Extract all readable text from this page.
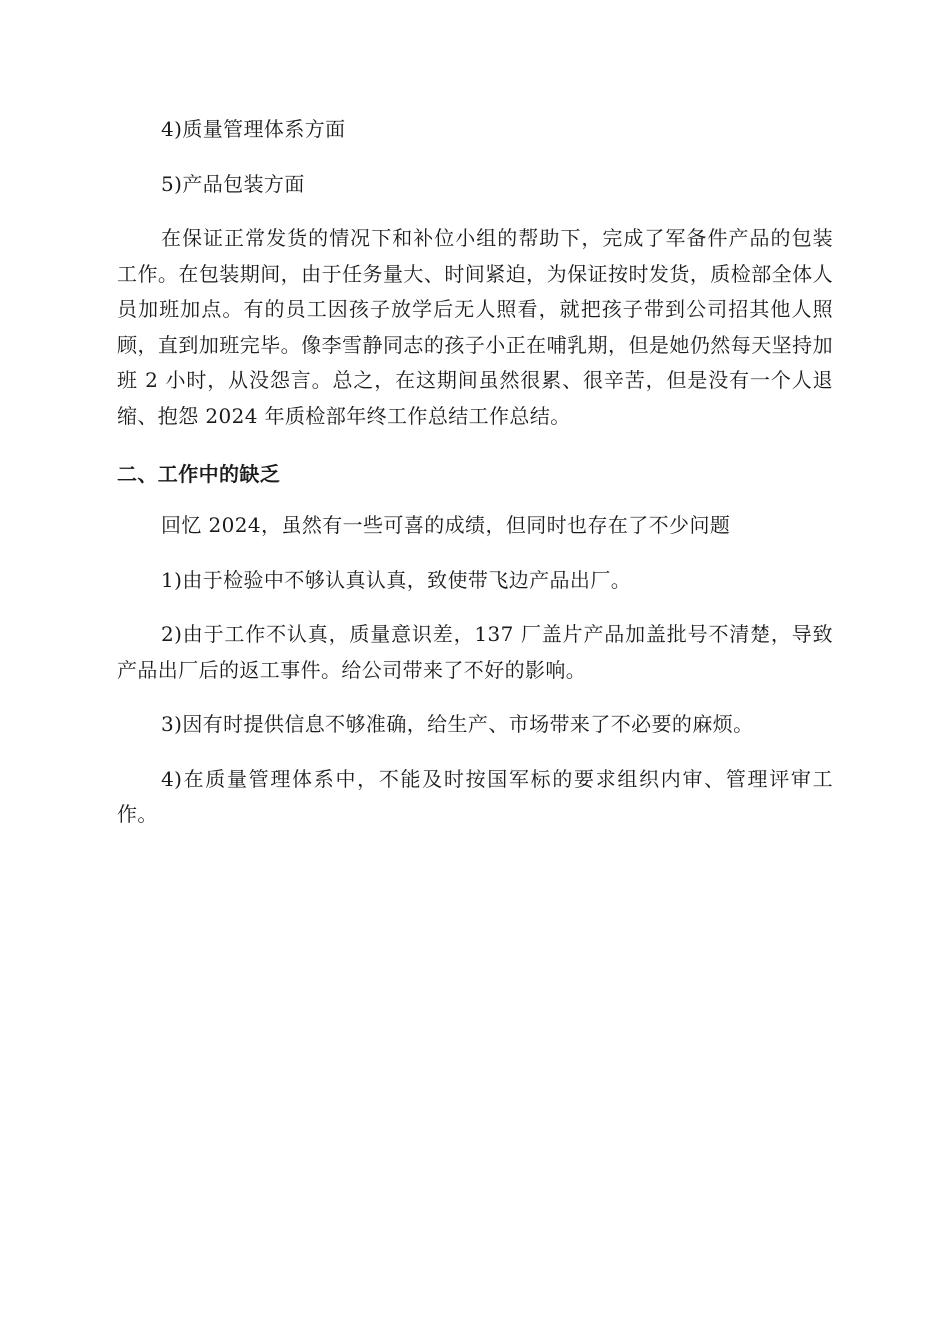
4)质量管理体系方面

5)产品包装方面

在保证正常发货的情况下和补位小组的帮助下，完成了军备件产品的包装工作。在包装期间，由于任务量大、时间紧迫，为保证按时发货，质检部全体人员加班加点。有的员工因孩子放学后无人照看，就把孩子带到公司招其他人照顾，直到加班完毕。像李雪静同志的孩子小正在哺乳期，但是她仍然每天坚持加班 2 小时，从没怨言。总之，在这期间虽然很累、很辛苦，但是没有一个人退缩、抱怨 2024 年质检部年终工作总结工作总结。

二、工作中的缺乏

回忆 2024，虽然有一些可喜的成绩，但同时也存在了不少问题

1)由于检验中不够认真认真，致使带飞边产品出厂。

2)由于工作不认真，质量意识差，137 厂盖片产品加盖批号不清楚，导致产品出厂后的返工事件。给公司带来了不好的影响。

3)因有时提供信息不够准确，给生产、市场带来了不必要的麻烦。

4)在质量管理体系中，不能及时按国军标的要求组织内审、管理评审工作。
